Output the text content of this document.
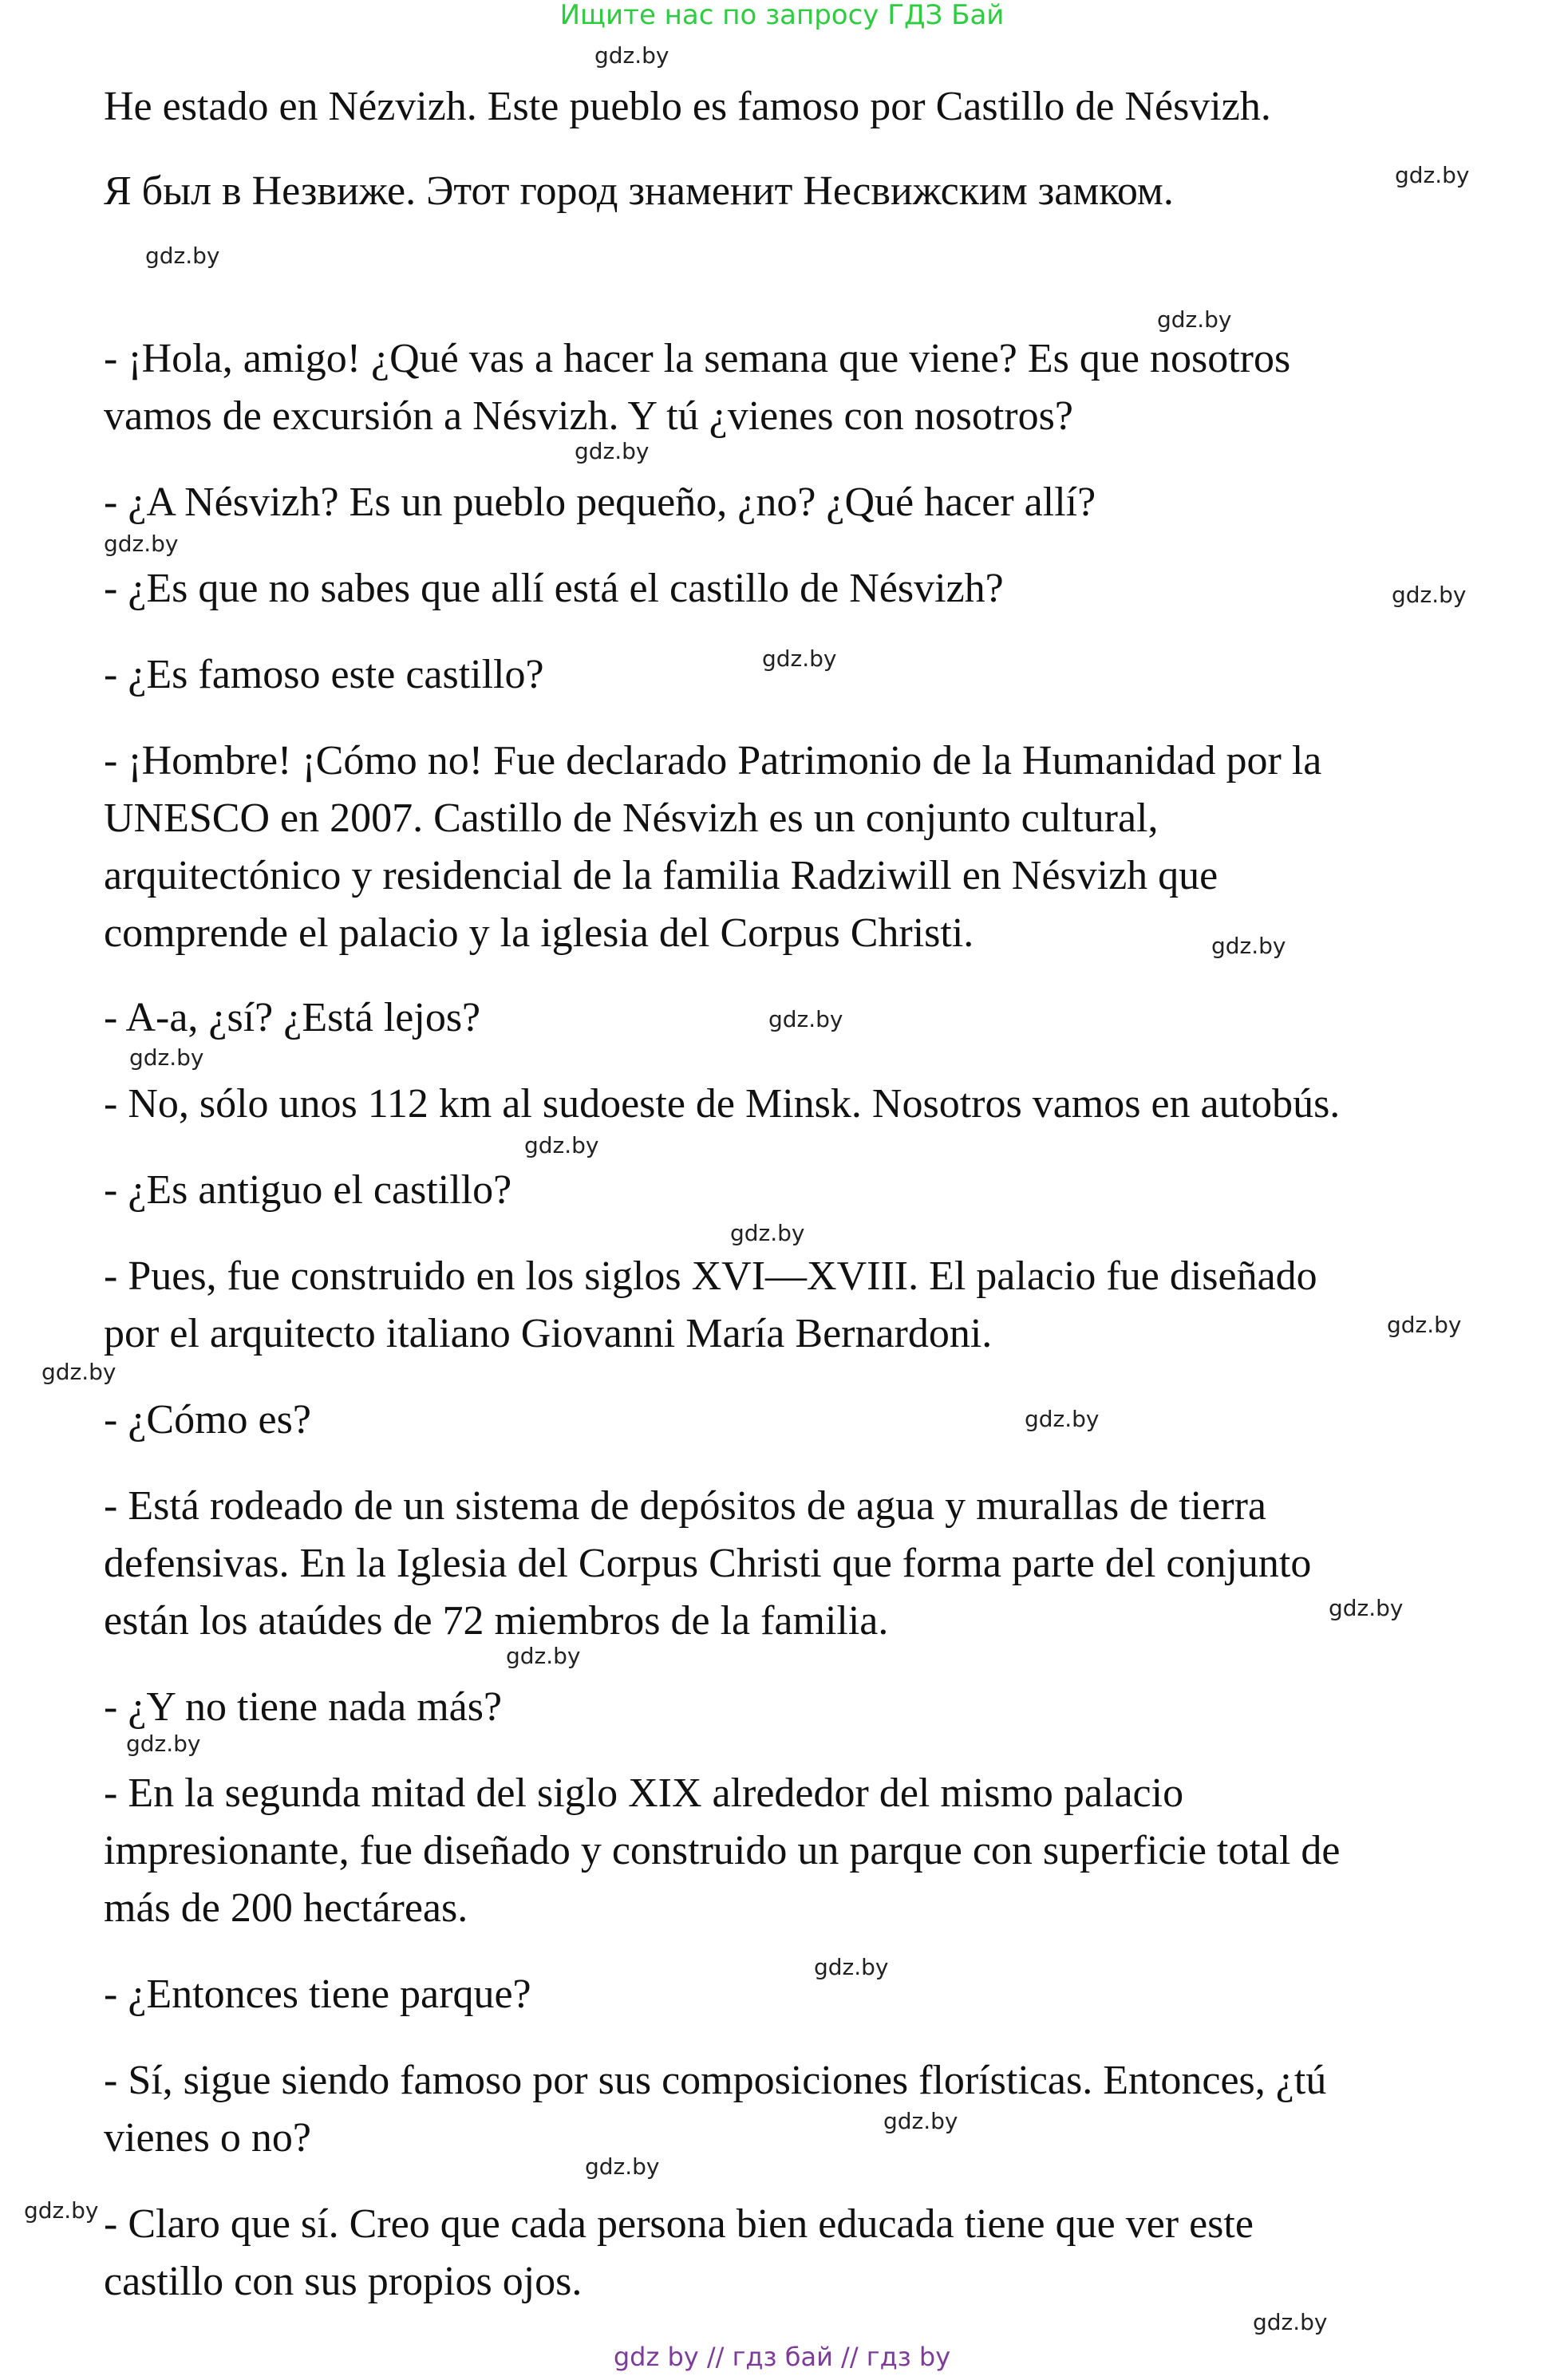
Ищите нас по запросу ГДЗ Бай
He estado en Nézvizh. Este pueblo es famoso por Castillo de Nésvizh.
Я был в Незвиже. Этот город знаменит Несвижским замком.
- ¡Hola, amigo! ¿Qué vas a hacer la semana que viene? Es que nosotros
vamos de excursión a Nésvizh. Y tú ¿vienes con nosotros?
- ¿A Nésvizh? Es un pueblo pequeño, ¿no? ¿Qué hacer allí?
- ¿Es que no sabes que allí está el castillo de Nésvizh?
- ¿Es famoso este castillo?
- ¡Hombre! ¡Cómo no! Fue declarado Patrimonio de la Humanidad por la
UNESCO en 2007. Castillo de Nésvizh es un conjunto cultural,
arquitectónico y residencial de la familia Radziwill en Nésvizh que
comprende el palacio y la iglesia del Corpus Christi.
- A-a, ¿sí? ¿Está lejos?
- No, sólo unos 112 km al sudoeste de Minsk. Nosotros vamos en autobús.
- ¿Es antiguo el castillo?
- Pues, fue construido en los siglos XVI—XVIII. El palacio fue diseñado
por el arquitecto italiano Giovanni María Bernardoni.
- ¿Cómo es?
- Está rodeado de un sistema de depósitos de agua y murallas de tierra
defensivas. En la Iglesia del Corpus Christi que forma parte del conjunto
están los ataúdes de 72 miembros de la familia.
- ¿Y no tiene nada más?
- En la segunda mitad del siglo XIX alrededor del mismo palacio
impresionante, fue diseñado y construido un parque con superficie total de
más de 200 hectáreas.
- ¿Entonces tiene parque?
- Sí, sigue siendo famoso por sus composiciones florísticas. Entonces, ¿tú
vienes o no?
- Claro que sí. Creo que cada persona bien educada tiene que ver este
castillo con sus propios ojos.
gdz.by
gdz.by
gdz.by
gdz.by
gdz.by
gdz.by
gdz.by
gdz.by
gdz.by
gdz.by
gdz.by
gdz.by
gdz.by
gdz.by
gdz.by
gdz.by
gdz.by
gdz.by
gdz.by
gdz.by
gdz.by
gdz.by
gdz.by
gdz.by
gdz by // гдз бай // гдз by
